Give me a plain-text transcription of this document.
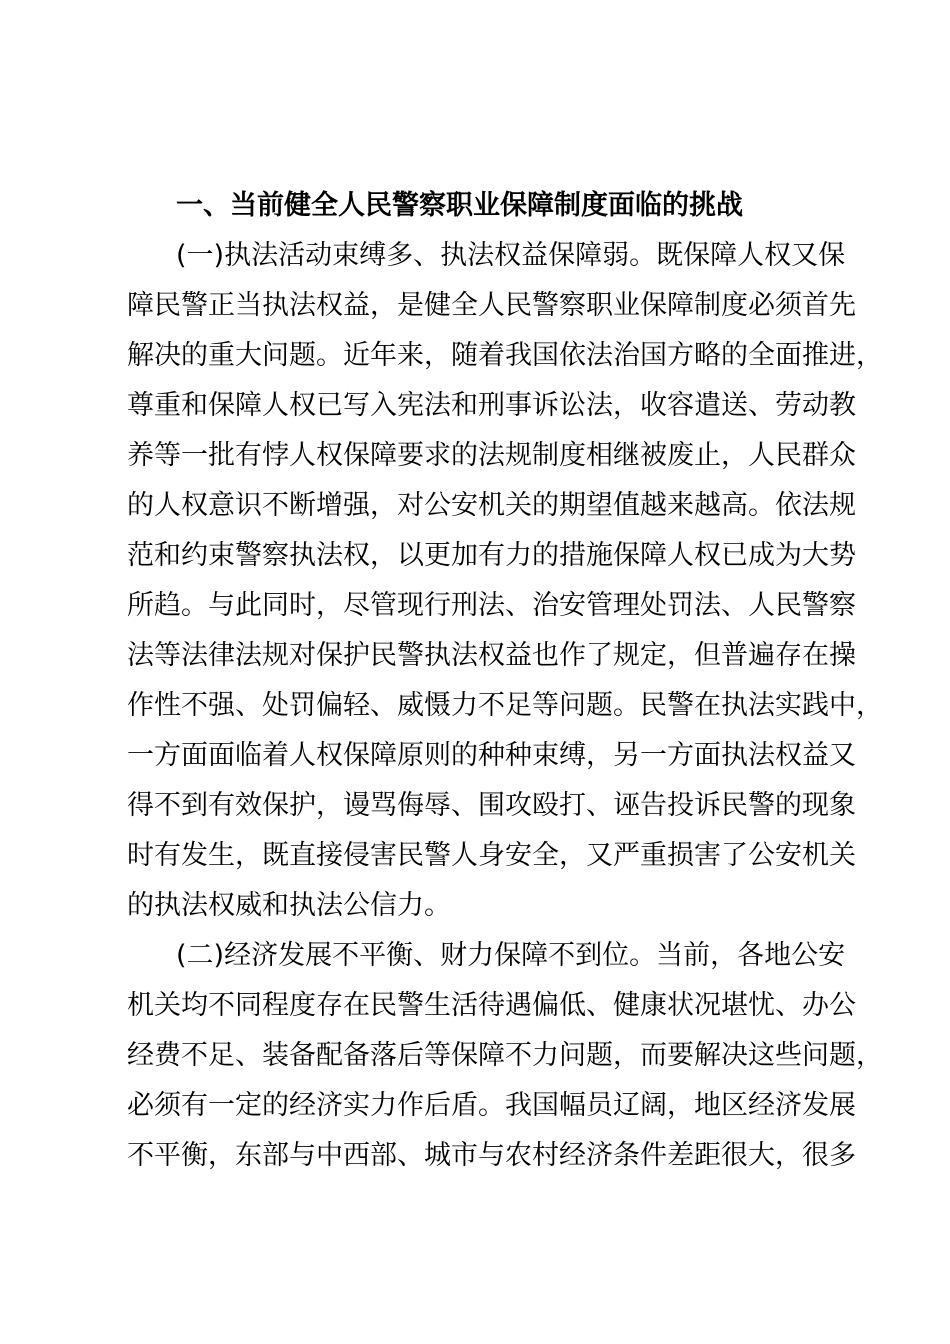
一、当前健全人民警察职业保障制度面临的挑战
(一)执法活动束缚多、执法权益保障弱。既保障人权又保
障民警正当执法权益，是健全人民警察职业保障制度必须首先
解决的重大问题。近年来，随着我国依法治国方略的全面推进，
尊重和保障人权已写入宪法和刑事诉讼法，收容遣送、劳动教
养等一批有悖人权保障要求的法规制度相继被废止，人民群众
的人权意识不断增强，对公安机关的期望值越来越高。依法规
范和约束警察执法权，以更加有力的措施保障人权已成为大势
所趋。与此同时，尽管现行刑法、治安管理处罚法、人民警察
法等法律法规对保护民警执法权益也作了规定，但普遍存在操
作性不强、处罚偏轻、威慑力不足等问题。民警在执法实践中，
一方面面临着人权保障原则的种种束缚，另一方面执法权益又
得不到有效保护，谩骂侮辱、围攻殴打、诬告投诉民警的现象
时有发生，既直接侵害民警人身安全，又严重损害了公安机关
的执法权威和执法公信力。
(二)经济发展不平衡、财力保障不到位。当前，各地公安
机关均不同程度存在民警生活待遇偏低、健康状况堪忧、办公
经费不足、装备配备落后等保障不力问题，而要解决这些问题，
必须有一定的经济实力作后盾。我国幅员辽阔，地区经济发展
不平衡，东部与中西部、城市与农村经济条件差距很大，很多
